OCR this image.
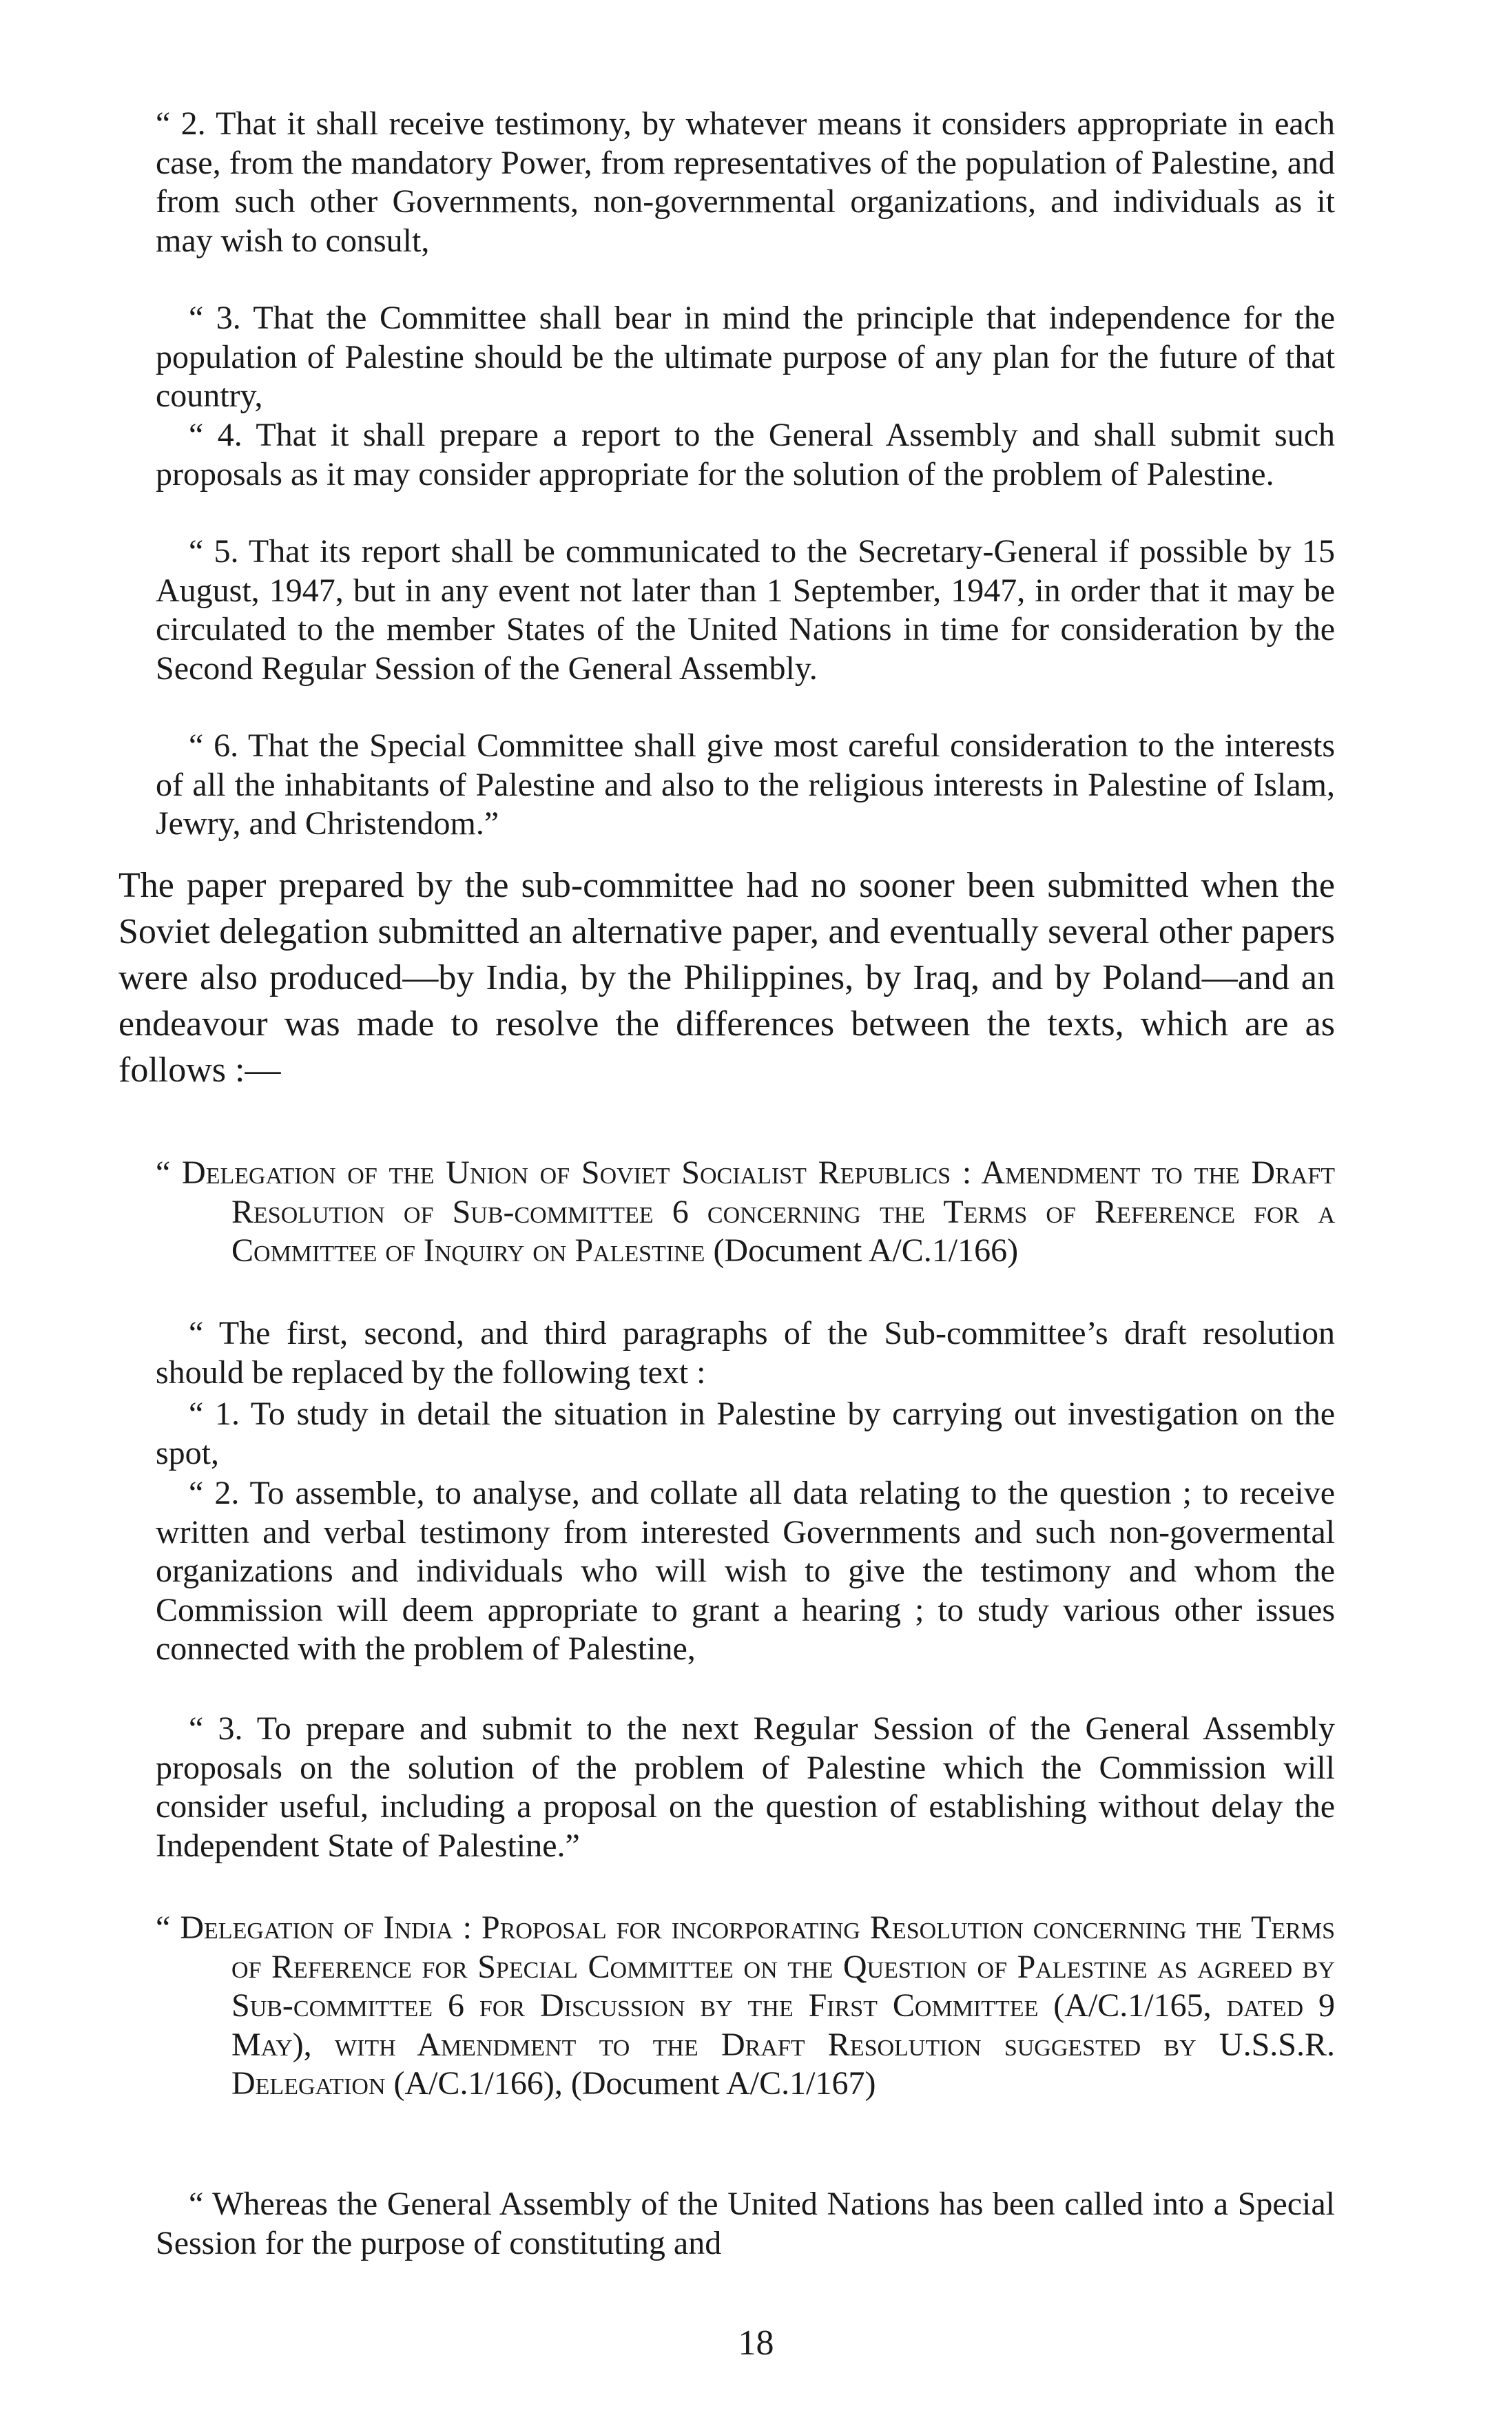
“ 2. That it shall receive testimony, by whatever means it considers appropriate in each case, from the mandatory Power, from representatives of the population of Palestine, and from such other Governments, non-governmental organizations, and individuals as it may wish to consult,

“ 3. That the Committee shall bear in mind the principle that independence for the population of Palestine should be the ultimate purpose of any plan for the future of that country,

“ 4. That it shall prepare a report to the General Assembly and shall submit such proposals as it may consider appropriate for the solution of the problem of Palestine.

“ 5. That its report shall be communicated to the Secretary-General if possible by 15 August, 1947, but in any event not later than 1 September, 1947, in order that it may be circulated to the member States of the United Nations in time for consideration by the Second Regular Session of the General Assembly.

“ 6. That the Special Committee shall give most careful consideration to the interests of all the inhabitants of Palestine and also to the religious interests in Palestine of Islam, Jewry, and Christendom.”

The paper prepared by the sub-committee had no sooner been submitted when the Soviet delegation submitted an alternative paper, and eventually several other papers were also produced—by India, by the Philippines, by Iraq, and by Poland—and an endeavour was made to resolve the differences between the texts, which are as follows :—

“ Delegation of the Union of Soviet Socialist Republics : Amendment to the Draft Resolution of Sub-committee 6 concerning the Terms of Reference for a Committee of Inquiry on Palestine (Document A/C.1/166)

“ The first, second, and third paragraphs of the Sub-committee’s draft resolution should be replaced by the following text :

“ 1. To study in detail the situation in Palestine by carrying out investigation on the spot,

“ 2. To assemble, to analyse, and collate all data relating to the question ; to receive written and verbal testimony from interested Governments and such non-govermental organizations and individuals who will wish to give the testimony and whom the Commission will deem appropriate to grant a hearing ; to study various other issues connected with the problem of Palestine,

“ 3. To prepare and submit to the next Regular Session of the General Assembly proposals on the solution of the problem of Palestine which the Commission will consider useful, including a proposal on the question of establishing without delay the Independent State of Palestine.”

“ Delegation of India : Proposal for incorporating Resolution concerning the Terms of Reference for Special Committee on the Question of Palestine as agreed by Sub-committee 6 for Discussion by the First Committee (A/C.1/165, dated 9 May), with Amendment to the Draft Resolution suggested by U.S.S.R. Delegation (A/C.1/166), (Document A/C.1/167)

“ Whereas the General Assembly of the United Nations has been called into a Special Session for the purpose of constituting and

18
